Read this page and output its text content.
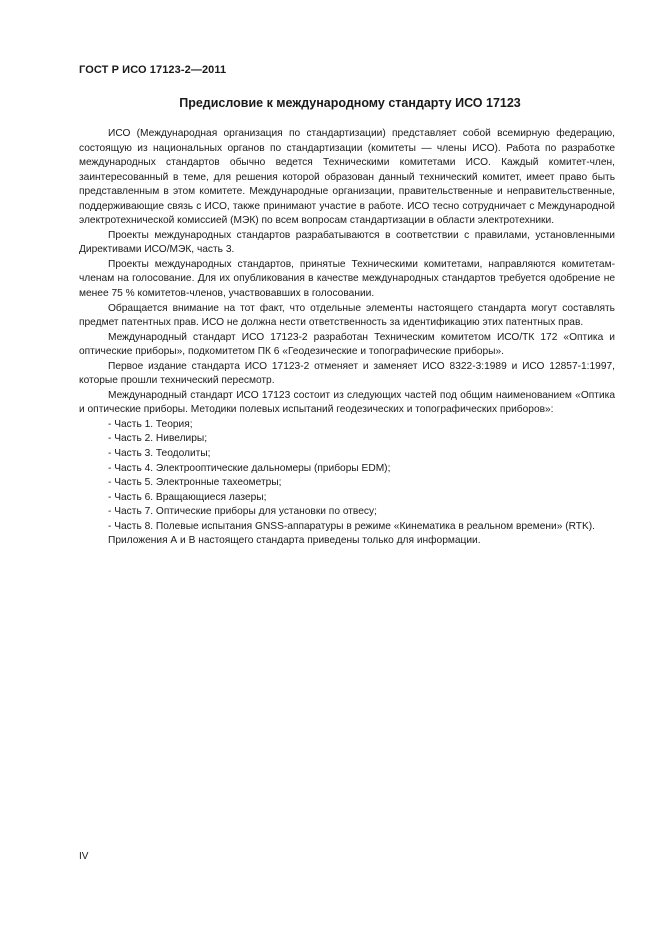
ГОСТ Р ИСО 17123-2—2011
Предисловие к международному стандарту ИСО 17123

ИСО (Международная организация по стандартизации) представляет собой всемирную федерацию, состоящую из национальных органов по стандартизации (комитеты — члены ИСО). Работа по разработке международных стандартов обычно ведется Техническими комитетами ИСО. Каждый комитет-член, заинтересованный в теме, для решения которой образован данный технический комитет, имеет право быть представленным в этом комитете. Международные организации, правительственные и неправительственные, поддерживающие связь с ИСО, также принимают участие в работе. ИСО тесно сотрудничает с Международной электротехнической комиссией (МЭК) по всем вопросам стандартизации в области электротехники.

Проекты международных стандартов разрабатываются в соответствии с правилами, установленными Директивами ИСО/МЭК, часть 3.

Проекты международных стандартов, принятые Техническими комитетами, направляются комитетам-членам на голосование. Для их опубликования в качестве международных стандартов требуется одобрение не менее 75 % комитетов-членов, участвовавших в голосовании.

Обращается внимание на тот факт, что отдельные элементы настоящего стандарта могут составлять предмет патентных прав. ИСО не должна нести ответственность за идентификацию этих патентных прав.

Международный стандарт ИСО 17123-2 разработан Техническим комитетом ИСО/ТК 172 «Оптика и оптические приборы», подкомитетом ПК 6 «Геодезические и топографические приборы».

Первое издание стандарта ИСО 17123-2 отменяет и заменяет ИСО 8322-3:1989 и ИСО 12857-1:1997, которые прошли технический пересмотр.

Международный стандарт ИСО 17123 состоит из следующих частей под общим наименованием «Оптика и оптические приборы. Методики полевых испытаний геодезических и топографических приборов»:

- Часть 1. Теория;
- Часть 2. Нивелиры;
- Часть 3. Теодолиты;
- Часть 4. Электрооптические дальномеры (приборы EDM);
- Часть 5. Электронные тахеометры;
- Часть 6. Вращающиеся лазеры;
- Часть 7. Оптические приборы для установки по отвесу;
- Часть 8. Полевые испытания GNSS-аппаратуры в режиме «Кинематика в реальном времени» (RTK).

Приложения А и В настоящего стандарта приведены только для информации.

IV
